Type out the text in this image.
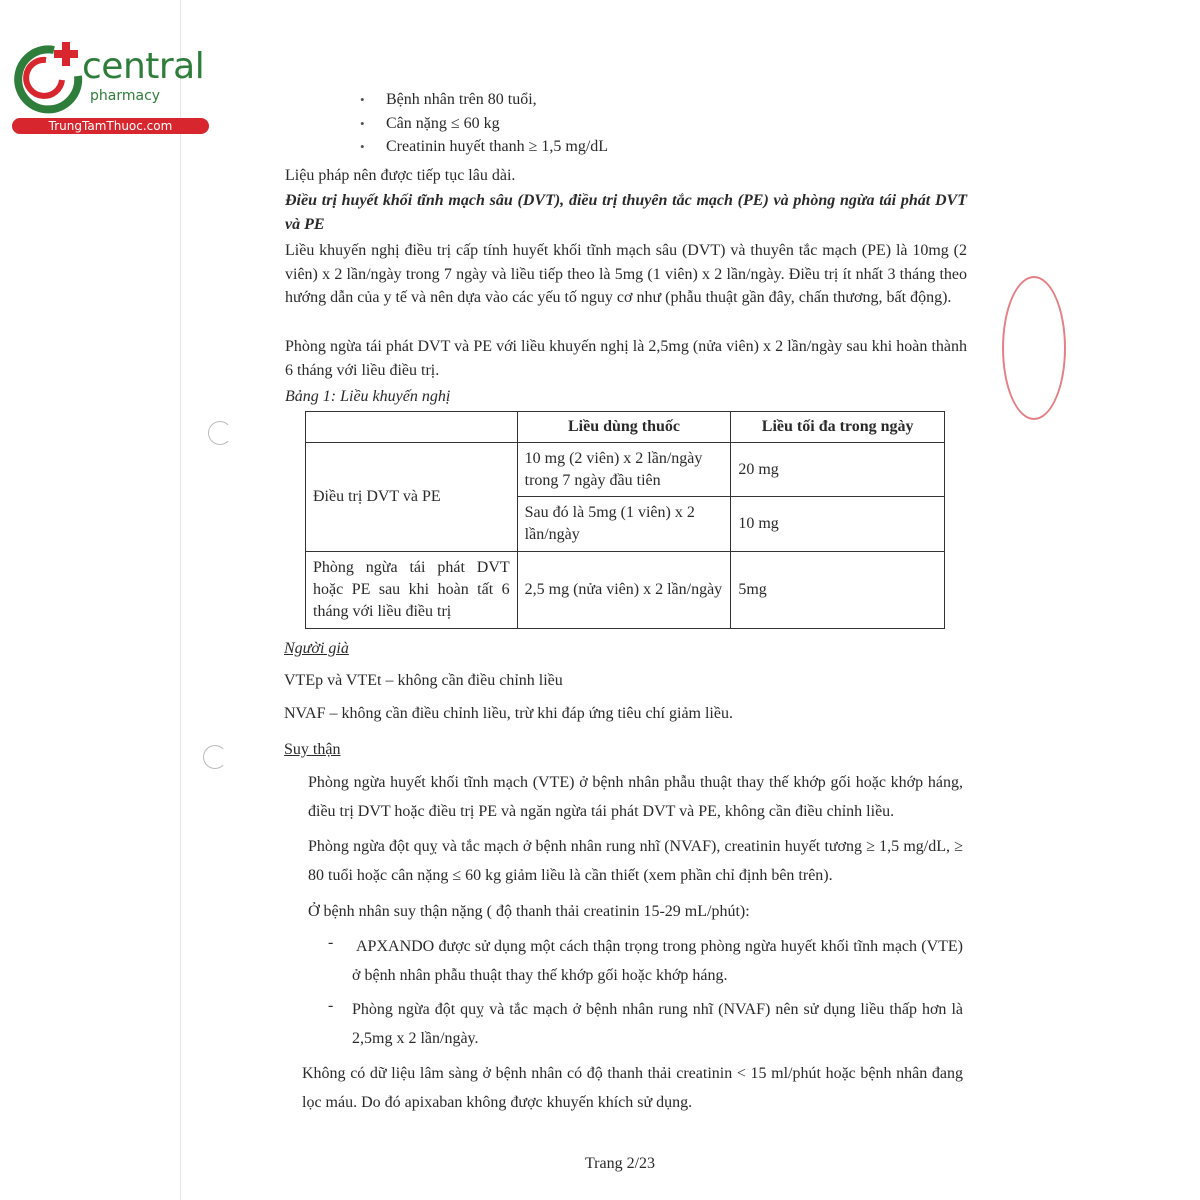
central
pharmacy
TrungTamThuoc.com
• Bệnh nhân trên 80 tuổi,
• Cân nặng ≤ 60 kg
• Creatinin huyết thanh ≥ 1,5 mg/dL

Liệu pháp nên được tiếp tục lâu dài.

Điều trị huyết khối tĩnh mạch sâu (DVT), điều trị thuyên tắc mạch (PE) và phòng ngừa tái phát DVT và PE

Liều khuyến nghị điều trị cấp tính huyết khối tĩnh mạch sâu (DVT) và thuyên tắc mạch (PE) là 10mg (2 viên) x 2 lần/ngày trong 7 ngày và liều tiếp theo là 5mg (1 viên) x 2 lần/ngày. Điều trị ít nhất 3 tháng theo hướng dẫn của y tế và nên dựa vào các yếu tố nguy cơ như (phẫu thuật gần đây, chấn thương, bất động).

Phòng ngừa tái phát DVT và PE với liều khuyến nghị là 2,5mg (nửa viên) x 2 lần/ngày sau khi hoàn thành 6 tháng với liều điều trị.

Bảng 1: Liều khuyến nghị

	Liều dùng thuốc	Liều tối đa trong ngày
Điều trị DVT và PE	10 mg (2 viên) x 2 lần/ngày trong 7 ngày đầu tiên	20 mg
	Sau đó là 5mg (1 viên) x 2 lần/ngày	10 mg
Phòng ngừa tái phát DVT hoặc PE sau khi hoàn tất 6 tháng với liều điều trị	2,5 mg (nửa viên) x 2 lần/ngày	5mg
Người già
VTEp và VTEt – không cần điều chỉnh liều
NVAF – không cần điều chỉnh liều, trừ khi đáp ứng tiêu chí giảm liều.
Suy thận

Phòng ngừa huyết khối tĩnh mạch (VTE) ở bệnh nhân phẫu thuật thay thế khớp gối hoặc khớp háng, điều trị DVT hoặc điều trị PE và ngăn ngừa tái phát DVT và PE, không cần điều chỉnh liều.

Phòng ngừa đột quỵ và tắc mạch ở bệnh nhân rung nhĩ (NVAF), creatinin huyết tương ≥ 1,5 mg/dL, ≥ 80 tuổi hoặc cân nặng ≤ 60 kg giảm liều là cần thiết (xem phần chỉ định bên trên).

Ở bệnh nhân suy thận nặng ( độ thanh thải creatinin 15-29 mL/phút):

- APXANDO được sử dụng một cách thận trọng trong phòng ngừa huyết khối tĩnh mạch (VTE) ở bệnh nhân phẫu thuật thay thế khớp gối hoặc khớp háng.

- Phòng ngừa đột quỵ và tắc mạch ở bệnh nhân rung nhĩ (NVAF) nên sử dụng liều thấp hơn là 2,5mg x 2 lần/ngày.

Không có dữ liệu lâm sàng ở bệnh nhân có độ thanh thải creatinin < 15 ml/phút hoặc bệnh nhân đang lọc máu. Do đó apixaban không được khuyến khích sử dụng.

Trang 2/23
